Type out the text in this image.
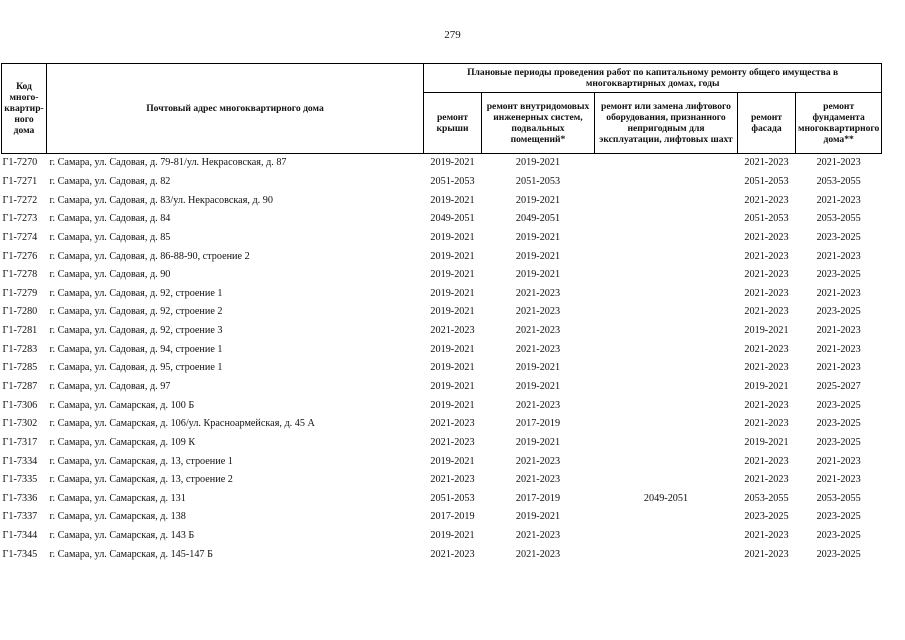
279
Код много-квартир-ного дома	Почтовый адрес многоквартирного дома	Плановые периоды проведения работ по капитальному ремонту общего имущества в многоквартирных домах, годы				
		ремонт крыши	ремонт внутридомовых инженерных систем, подвальных помещений*	ремонт или замена лифтового оборудования, признанного непригодным для эксплуатации, лифтовых шахт	ремонт фасада	ремонт фундамента многоквартирного дома**
Г1-7270	г. Самара, ул. Садовая, д. 79-81/ул. Некрасовская, д. 87	2019-2021	2019-2021		2021-2023	2021-2023
Г1-7271	г. Самара, ул. Садовая, д. 82	2051-2053	2051-2053		2051-2053	2053-2055
Г1-7272	г. Самара, ул. Садовая, д. 83/ул. Некрасовская, д. 90	2019-2021	2019-2021		2021-2023	2021-2023
Г1-7273	г. Самара, ул. Садовая, д. 84	2049-2051	2049-2051		2051-2053	2053-2055
Г1-7274	г. Самара, ул. Садовая, д. 85	2019-2021	2019-2021		2021-2023	2023-2025
Г1-7276	г. Самара, ул. Садовая, д. 86-88-90, строение 2	2019-2021	2019-2021		2021-2023	2021-2023
Г1-7278	г. Самара, ул. Садовая, д. 90	2019-2021	2019-2021		2021-2023	2023-2025
Г1-7279	г. Самара, ул. Садовая, д. 92, строение 1	2019-2021	2021-2023		2021-2023	2021-2023
Г1-7280	г. Самара, ул. Садовая, д. 92, строение 2	2019-2021	2021-2023		2021-2023	2023-2025
Г1-7281	г. Самара, ул. Садовая, д. 92, строение 3	2021-2023	2021-2023		2019-2021	2021-2023
Г1-7283	г. Самара, ул. Садовая, д. 94, строение 1	2019-2021	2021-2023		2021-2023	2021-2023
Г1-7285	г. Самара, ул. Садовая, д. 95, строение 1	2019-2021	2019-2021		2021-2023	2021-2023
Г1-7287	г. Самара, ул. Садовая, д. 97	2019-2021	2019-2021		2019-2021	2025-2027
Г1-7306	г. Самара, ул. Самарская, д. 100 Б	2019-2021	2021-2023		2021-2023	2023-2025
Г1-7302	г. Самара, ул. Самарская, д. 106/ул. Красноармейская, д. 45 А	2021-2023	2017-2019		2021-2023	2023-2025
Г1-7317	г. Самара, ул. Самарская, д. 109 К	2021-2023	2019-2021		2019-2021	2023-2025
Г1-7334	г. Самара, ул. Самарская, д. 13, строение 1	2019-2021	2021-2023		2021-2023	2021-2023
Г1-7335	г. Самара, ул. Самарская, д. 13, строение 2	2021-2023	2021-2023		2021-2023	2021-2023
Г1-7336	г. Самара, ул. Самарская, д. 131	2051-2053	2017-2019	2049-2051	2053-2055	2053-2055
Г1-7337	г. Самара, ул. Самарская, д. 138	2017-2019	2019-2021		2023-2025	2023-2025
Г1-7344	г. Самара, ул. Самарская, д. 143 Б	2019-2021	2021-2023		2021-2023	2023-2025
Г1-7345	г. Самара, ул. Самарская, д. 145-147 Б	2021-2023	2021-2023		2021-2023	2023-2025
